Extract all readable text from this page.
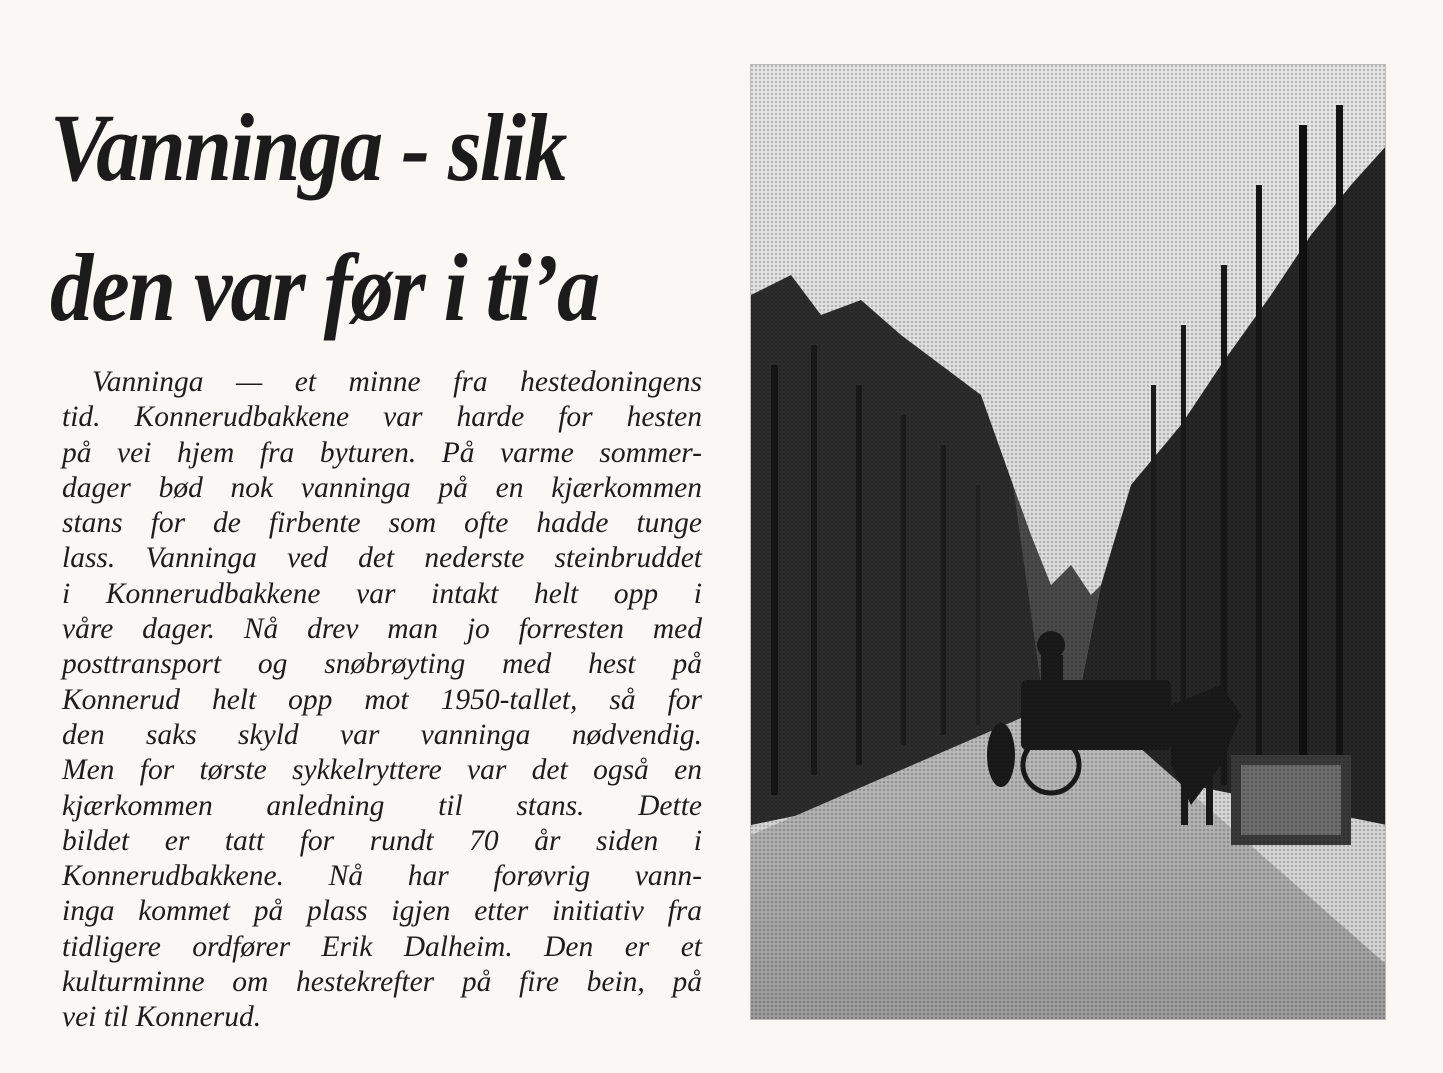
Vanninga - slik
den var før i ti’a
Vanninga — et minne fra hestedoningens
tid. Konnerudbakkene var harde for hesten
på vei hjem fra byturen. På varme sommer-
dager bød nok vanninga på en kjærkommen
stans for de firbente som ofte hadde tunge
lass. Vanninga ved det nederste steinbruddet
i Konnerudbakkene var intakt helt opp i
våre dager. Nå drev man jo forresten med
posttransport og snøbrøyting med hest på
Konnerud helt opp mot 1950-tallet, så for
den saks skyld var vanninga nødvendig.
Men for tørste sykkelryttere var det også en
kjærkommen anledning til stans. Dette
bildet er tatt for rundt 70 år siden i
Konnerudbakkene. Nå har forøvrig vann-
inga kommet på plass igjen etter initiativ fra
tidligere ordfører Erik Dalheim. Den er et
kulturminne om hestekrefter på fire bein, på
vei til Konnerud.
